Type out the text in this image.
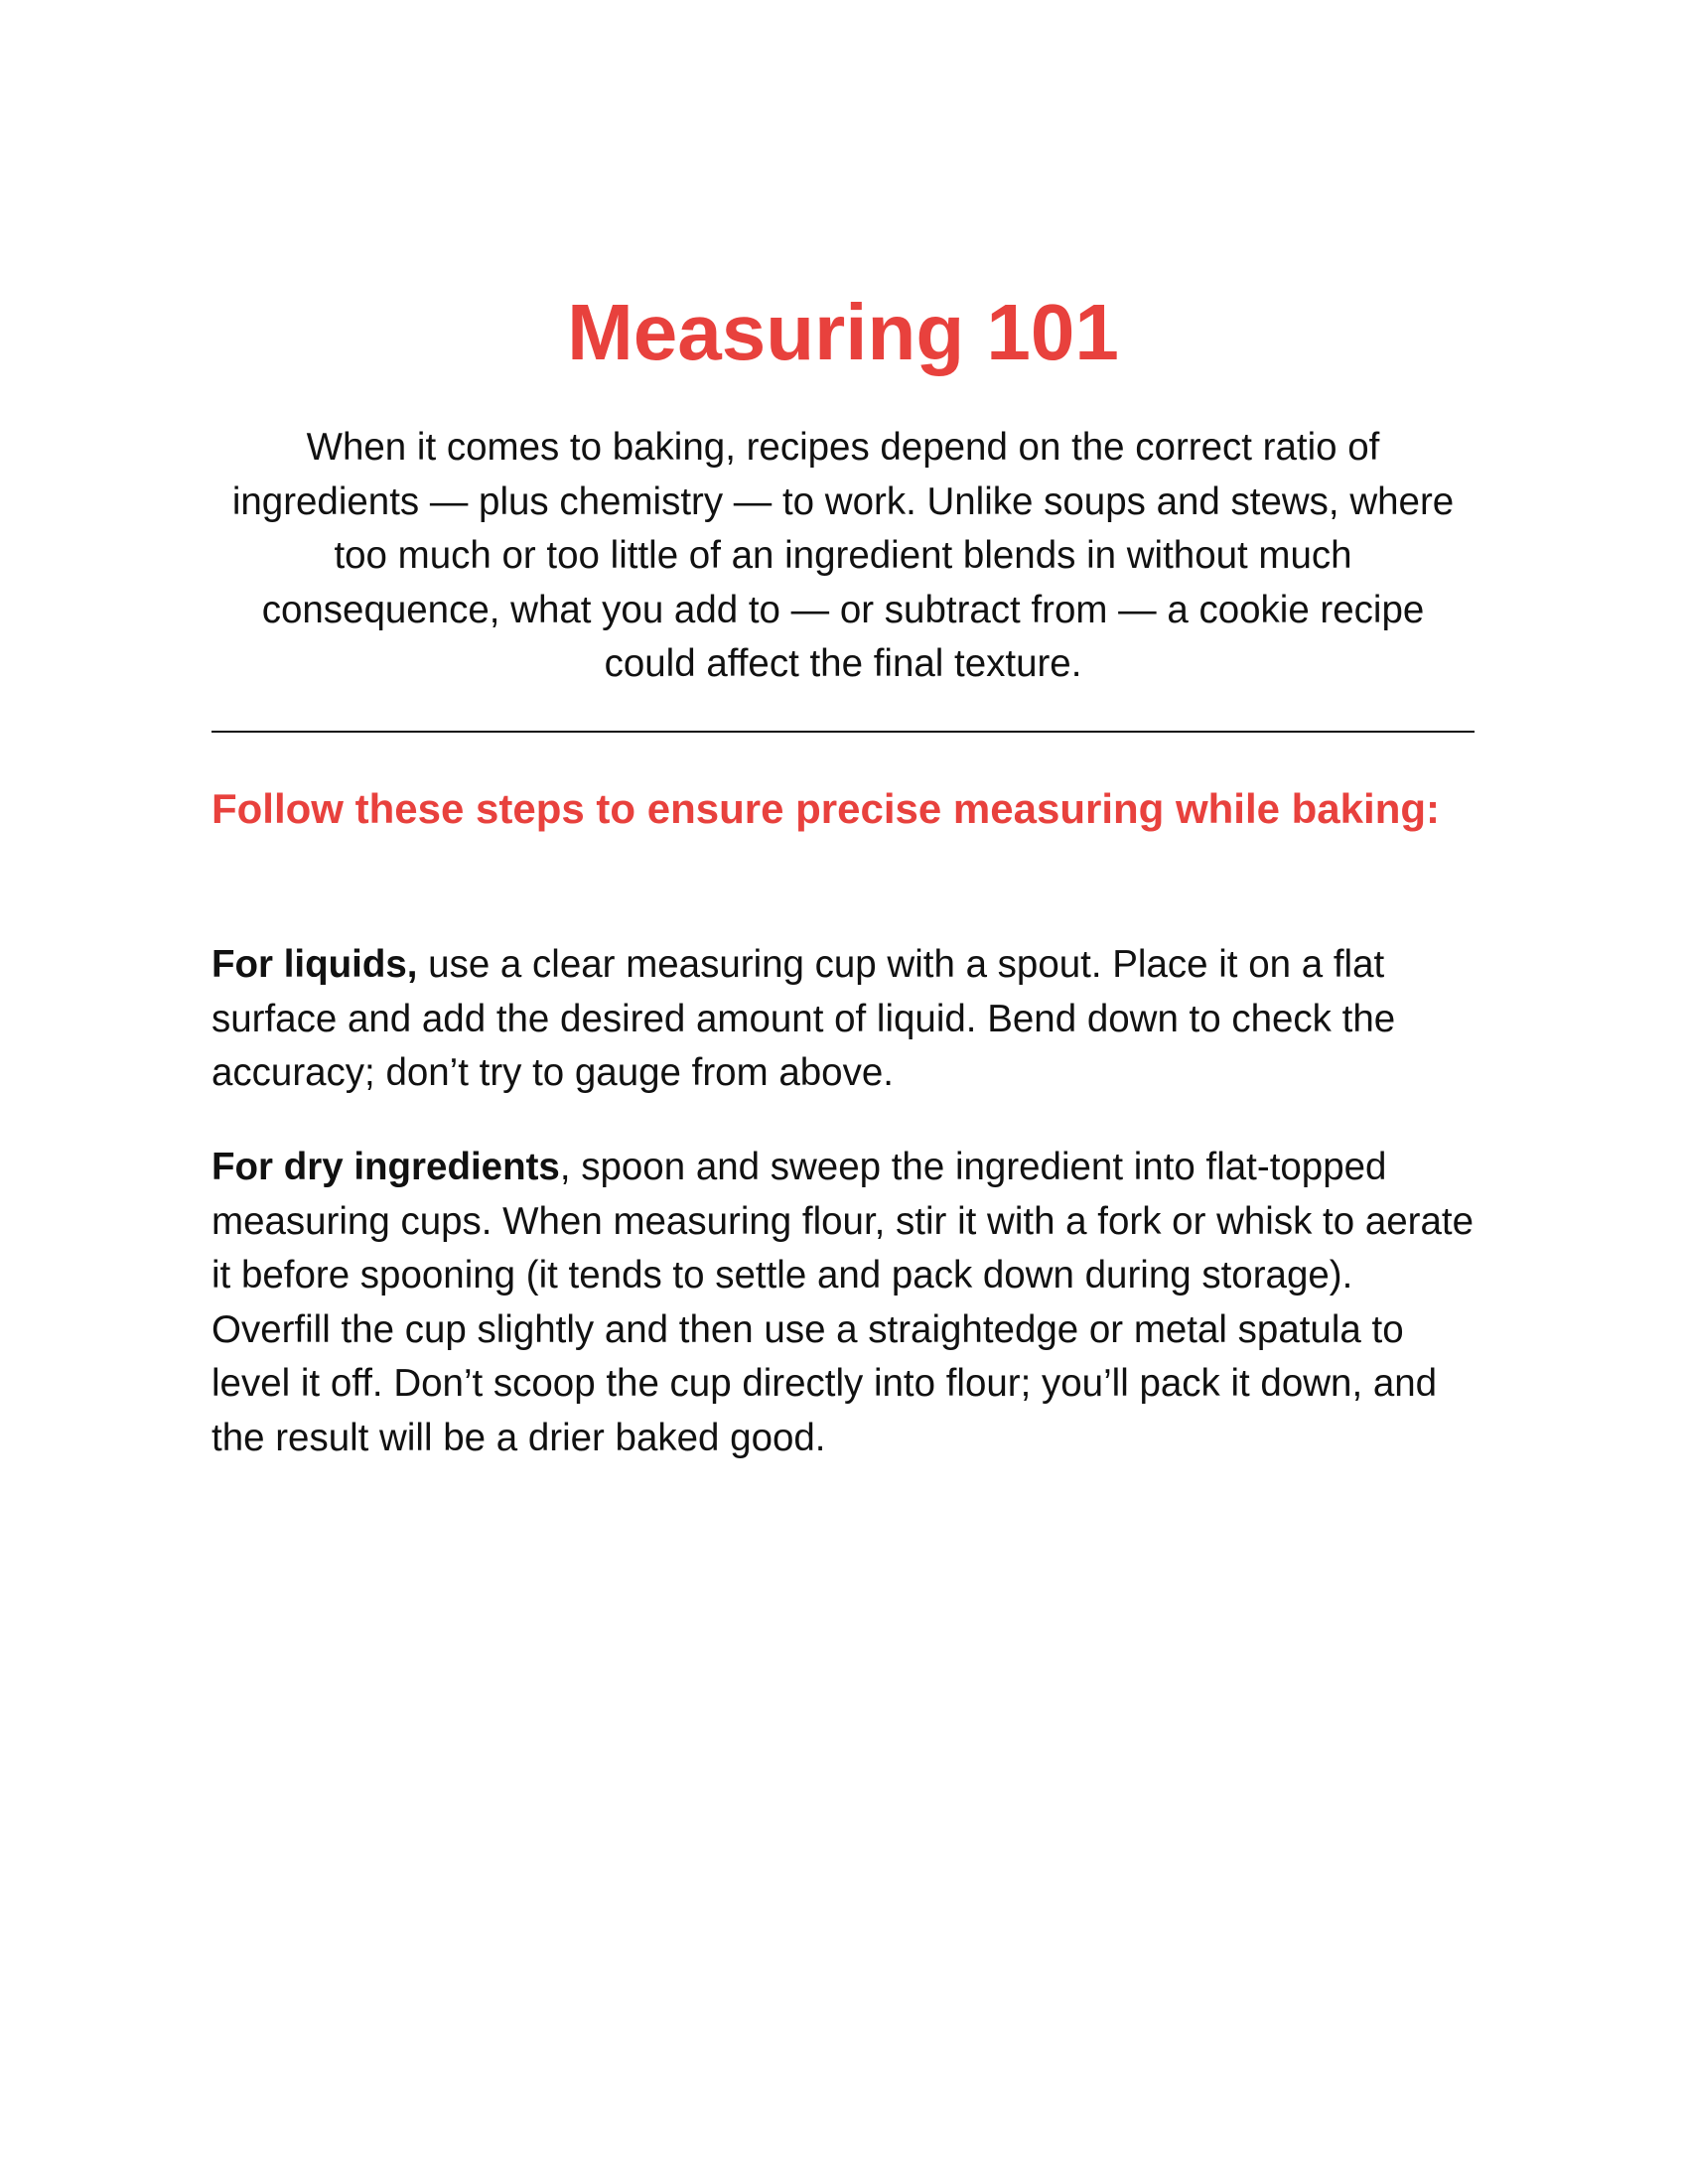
Measuring 101

When it comes to baking, recipes depend on the correct ratio of ingredients — plus chemistry — to work. Unlike soups and stews, where too much or too little of an ingredient blends in without much consequence, what you add to — or subtract from — a cookie recipe could affect the final texture.

Follow these steps to ensure precise measuring while baking:

For liquids, use a clear measuring cup with a spout. Place it on a flat surface and add the desired amount of liquid. Bend down to check the accuracy; don’t try to gauge from above.

For dry ingredients, spoon and sweep the ingredient into flat-topped measuring cups. When measuring flour, stir it with a fork or whisk to aerate it before spooning (it tends to settle and pack down during storage). Overfill the cup slightly and then use a straightedge or metal spatula to level it off. Don’t scoop the cup directly into flour; you’ll pack it down, and the result will be a drier baked good.
